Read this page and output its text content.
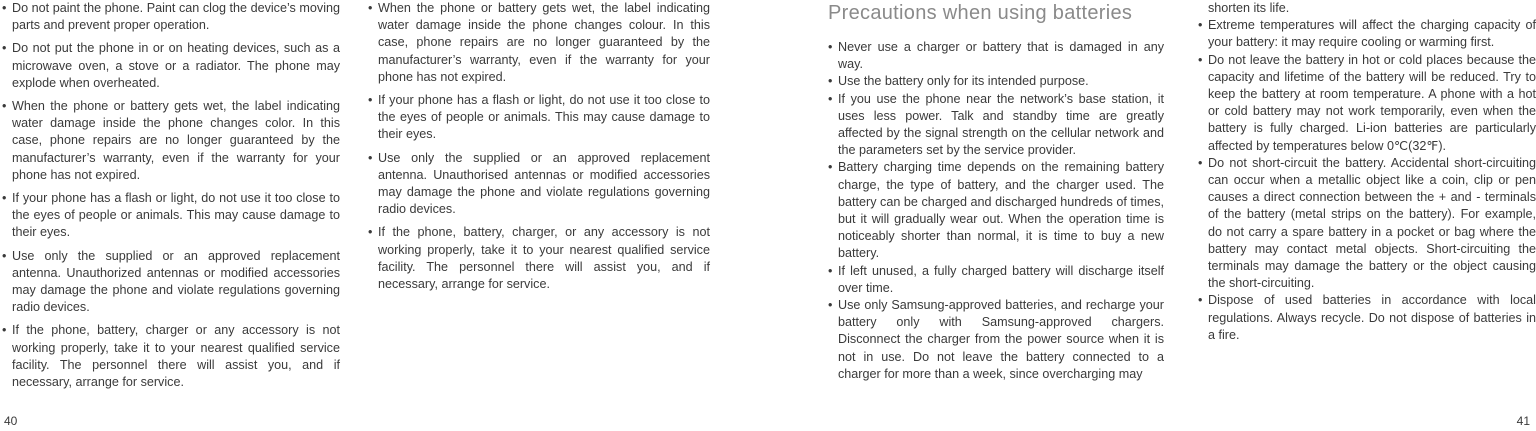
• Do not paint the phone. Paint can clog the device’s moving parts and prevent proper operation.
• Do not put the phone in or on heating devices, such as a microwave oven, a stove or a radiator. The phone may explode when overheated.
• When the phone or battery gets wet, the label indicating water damage inside the phone changes color. In this case, phone repairs are no longer guaranteed by the manufacturer’s warranty, even if the warranty for your phone has not expired.
• If your phone has a flash or light, do not use it too close to the eyes of people or animals. This may cause damage to their eyes.
• Use only the supplied or an approved replacement antenna. Unauthorized antennas or modified accessories may damage the phone and violate regulations governing radio devices.
• If the phone, battery, charger or any accessory is not working properly, take it to your nearest qualified service facility. The personnel there will assist you, and if necessary, arrange for service.
• When the phone or battery gets wet, the label indicating water damage inside the phone changes colour. In this case, phone repairs are no longer guaranteed by the manufacturer’s warranty, even if the warranty for your phone has not expired.
• If your phone has a flash or light, do not use it too close to the eyes of people or animals. This may cause damage to their eyes.
• Use only the supplied or an approved replacement antenna. Unauthorised antennas or modified accessories may damage the phone and violate regulations governing radio devices.
• If the phone, battery, charger, or any accessory is not working properly, take it to your nearest qualified service facility. The personnel there will assist you, and if necessary, arrange for service.
Precautions when using batteries
• Never use a charger or battery that is damaged in any way.
• Use the battery only for its intended purpose.
• If you use the phone near the network’s base station, it uses less power. Talk and standby time are greatly affected by the signal strength on the cellular network and the parameters set by the service provider.
• Battery charging time depends on the remaining battery charge, the type of battery, and the charger used. The battery can be charged and discharged hundreds of times, but it will gradually wear out. When the operation time is noticeably shorter than normal, it is time to buy a new battery.
• If left unused, a fully charged battery will discharge itself over time.
• Use only Samsung-approved batteries, and recharge your battery only with Samsung-approved chargers. Disconnect the charger from the power source when it is not in use. Do not leave the battery connected to a charger for more than a week, since overcharging may
shorten its life.
• Extreme temperatures will affect the charging capacity of your battery: it may require cooling or warming first.
• Do not leave the battery in hot or cold places because the capacity and lifetime of the battery will be reduced. Try to keep the battery at room temperature. A phone with a hot or cold battery may not work temporarily, even when the battery is fully charged. Li-ion batteries are particularly affected by temperatures below 0℃(32℉).
• Do not short-circuit the battery. Accidental short-circuiting can occur when a metallic object like a coin, clip or pen causes a direct connection between the + and - terminals of the battery (metal strips on the battery). For example, do not carry a spare battery in a pocket or bag where the battery may contact metal objects. Short-circuiting the terminals may damage the battery or the object causing the short-circuiting.
• Dispose of used batteries in accordance with local regulations. Always recycle. Do not dispose of batteries in a fire.
40	41
